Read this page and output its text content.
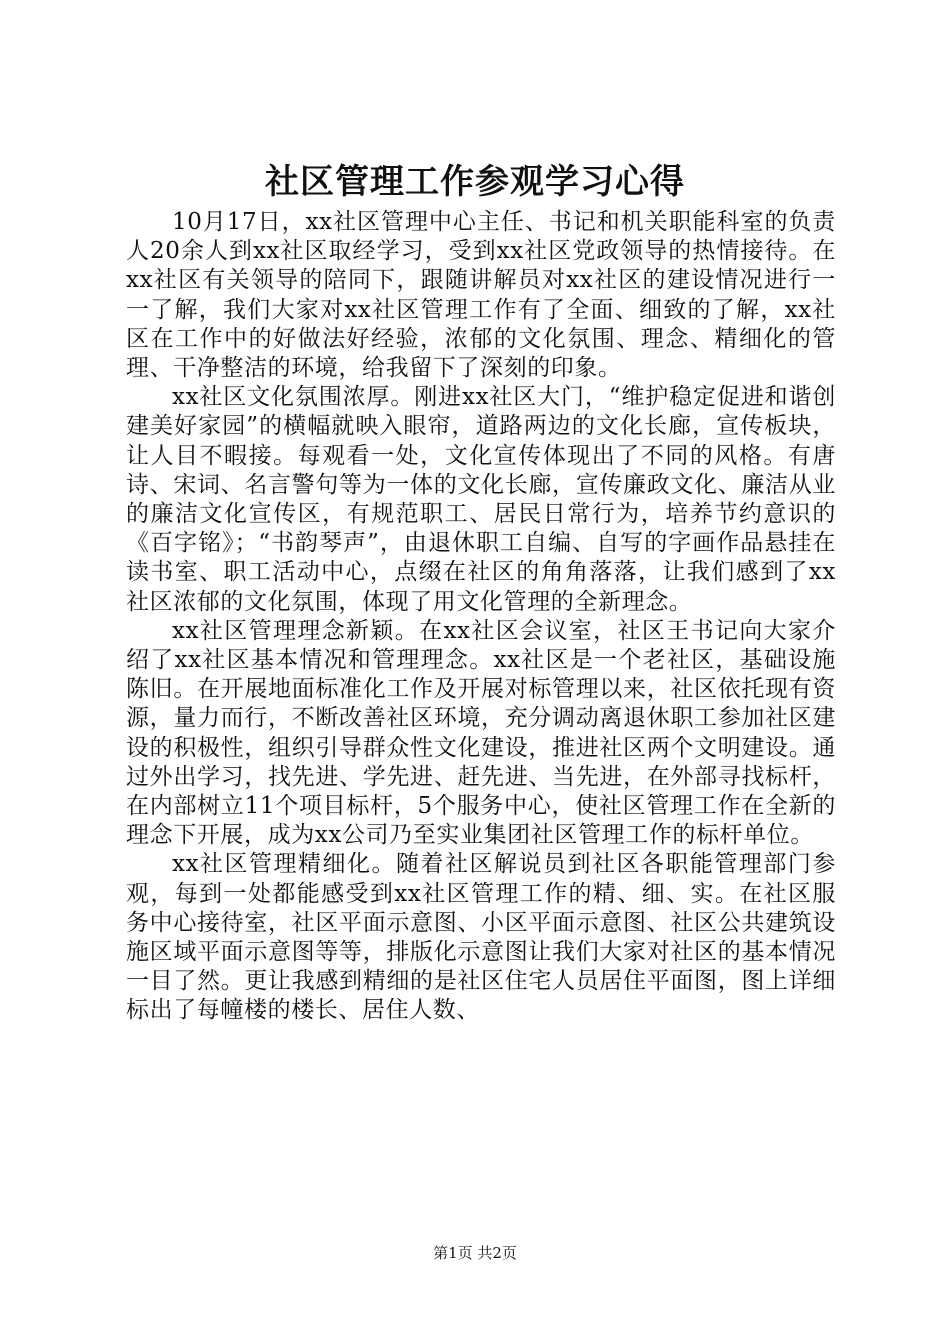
社区管理工作参观学习心得

10月17日，xx社区管理中心主任、书记和机关职能科室的负责人20余人到xx社区取经学习，受到xx社区党政领导的热情接待。在xx社区有关领导的陪同下，跟随讲解员对xx社区的建设情况进行一一了解，我们大家对xx社区管理工作有了全面、细致的了解，xx社区在工作中的好做法好经验，浓郁的文化氛围、理念、精细化的管理、干净整洁的环境，给我留下了深刻的印象。

xx社区文化氛围浓厚。刚进xx社区大门，“维护稳定促进和谐创建美好家园”的横幅就映入眼帘，道路两边的文化长廊，宣传板块，让人目不暇接。每观看一处，文化宣传体现出了不同的风格。有唐诗、宋词、名言警句等为一体的文化长廊，宣传廉政文化、廉洁从业的廉洁文化宣传区，有规范职工、居民日常行为，培养节约意识的《百字铭》；“书韵琴声”，由退休职工自编、自写的字画作品悬挂在读书室、职工活动中心，点缀在社区的角角落落，让我们感到了xx社区浓郁的文化氛围，体现了用文化管理的全新理念。

xx社区管理理念新颖。在xx社区会议室，社区王书记向大家介绍了xx社区基本情况和管理理念。xx社区是一个老社区，基础设施陈旧。在开展地面标准化工作及开展对标管理以来，社区依托现有资源，量力而行，不断改善社区环境，充分调动离退休职工参加社区建设的积极性，组织引导群众性文化建设，推进社区两个文明建设。通过外出学习，找先进、学先进、赶先进、当先进，在外部寻找标杆，在内部树立11个项目标杆，5个服务中心，使社区管理工作在全新的理念下开展，成为xx公司乃至实业集团社区管理工作的标杆单位。

xx社区管理精细化。随着社区解说员到社区各职能管理部门参观，每到一处都能感受到xx社区管理工作的精、细、实。在社区服务中心接待室，社区平面示意图、小区平面示意图、社区公共建筑设施区域平面示意图等等，排版化示意图让我们大家对社区的基本情况一目了然。更让我感到精细的是社区住宅人员居住平面图，图上详细标出了每幢楼的楼长、居住人数、

第1页 共2页
